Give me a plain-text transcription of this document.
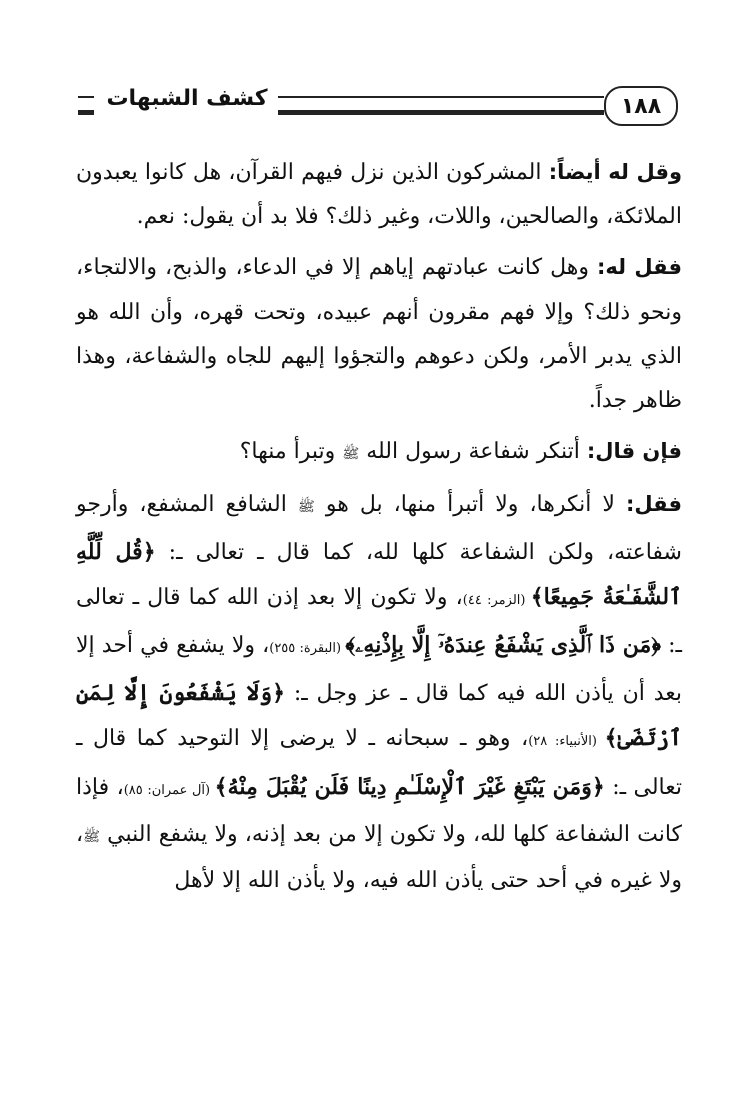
١٨٨
كشف الشبهات

وقل له أيضاً: المشركون الذين نزل فيهم القرآن، هل كانوا يعبدون الملائكة، والصالحين، واللات، وغير ذلك؟ فلا بد أن يقول: نعم.

فقل له: وهل كانت عبادتهم إياهم إلا في الدعاء، والذبح، والالتجاء، ونحو ذلك؟ وإلا فهم مقرون أنهم عبيده، وتحت قهره، وأن الله هو الذي يدبر الأمر، ولكن دعوهم والتجؤوا إليهم للجاه والشفاعة، وهذا ظاهر جداً.

فإن قال: أتنكر شفاعة رسول الله ﷺ وتبرأ منها؟

فقل: لا أنكرها، ولا أتبرأ منها، بل هو ﷺ الشافع المشفع، وأرجو شفاعته، ولكن الشفاعة كلها لله، كما قال ـ تعالى ـ: ﴿قُل لِّلَّهِ ٱلشَّفَـٰعَةُ جَمِيعًا﴾ (الزمر: ٤٤)، ولا تكون إلا بعد إذن الله كما قال ـ تعالى ـ: ﴿مَن ذَا ٱلَّذِى يَشْفَعُ عِندَهُۥٓ إِلَّا بِإِذْنِهِۦ﴾ (البقرة: ٢٥٥)، ولا يشفع في أحد إلا بعد أن يأذن الله فيه كما قال ـ عز وجل ـ: ﴿وَلَا يَشْفَعُونَ إِلَّا لِمَنِ ٱرْتَضَىٰ﴾ (الأنبياء: ٢٨)، وهو ـ سبحانه ـ لا يرضى إلا التوحيد كما قال ـ تعالى ـ: ﴿وَمَن يَبْتَغِ غَيْرَ ٱلْإِسْلَـٰمِ دِينًا فَلَن يُقْبَلَ مِنْهُ﴾ (آل عمران: ٨٥)، فإذا كانت الشفاعة كلها لله، ولا تكون إلا من بعد إذنه، ولا يشفع النبي ﷺ، ولا غيره في أحد حتى يأذن الله فيه، ولا يأذن الله إلا لأهل
